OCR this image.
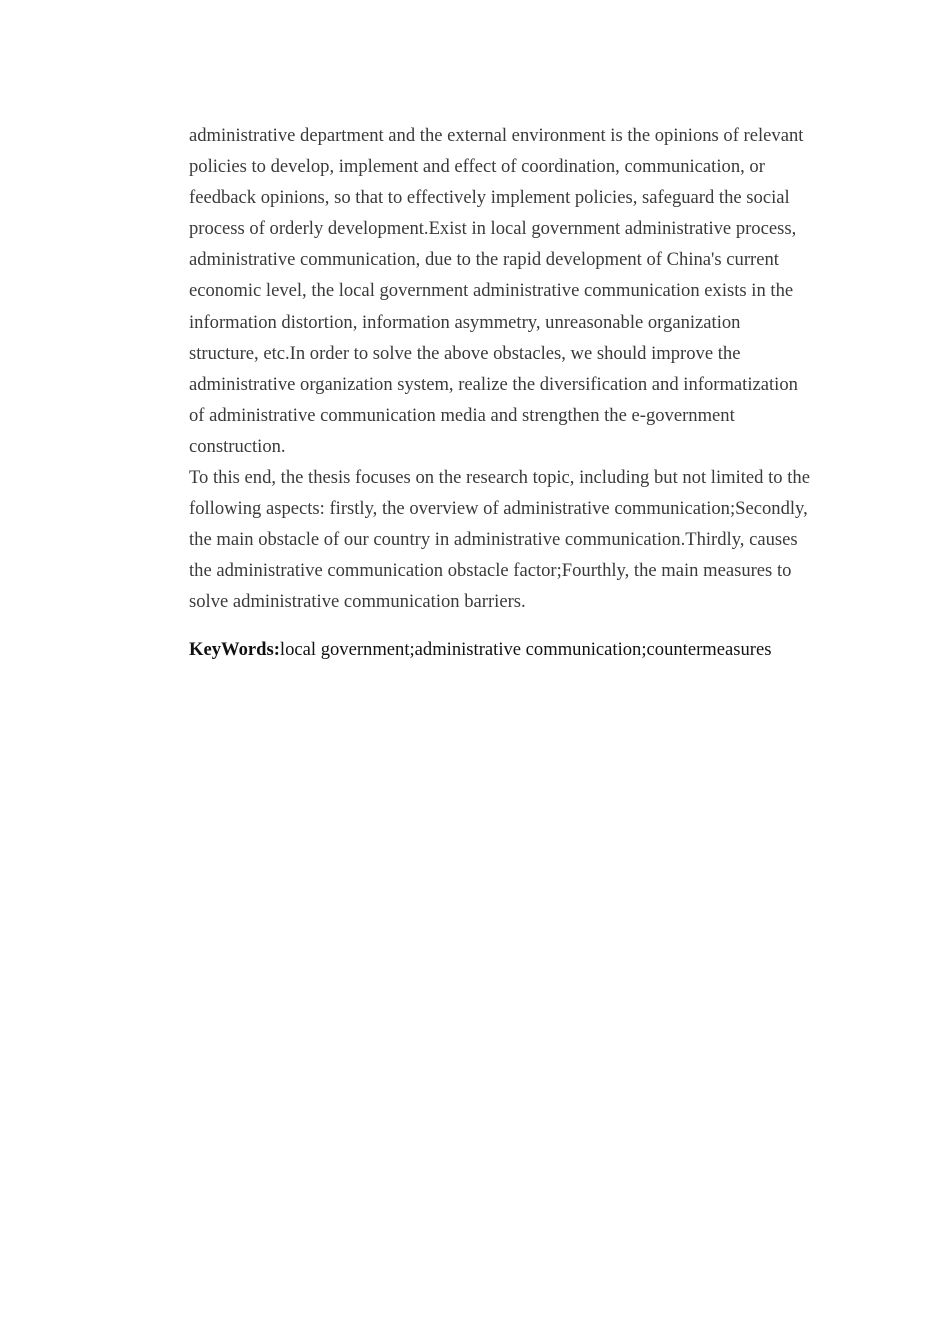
administrative department and the external environment is the opinions of relevant policies to develop, implement and effect of coordination, communication, or feedback opinions, so that to effectively implement policies, safeguard the social process of orderly development.Exist in local government administrative process, administrative communication, due to the rapid development of China's current economic level, the local government administrative communication exists in the information distortion, information asymmetry, unreasonable organization structure, etc.In order to solve the above obstacles, we should improve the administrative organization system, realize the diversification and informatization of administrative communication media and strengthen the e-government construction.

To this end, the thesis focuses on the research topic, including but not limited to the following aspects: firstly, the overview of administrative communication;Secondly, the main obstacle of our country in administrative communication.Thirdly, causes the administrative communication obstacle factor;Fourthly, the main measures to solve administrative communication barriers.

KeyWords:local government;administrative communication;countermeasures
